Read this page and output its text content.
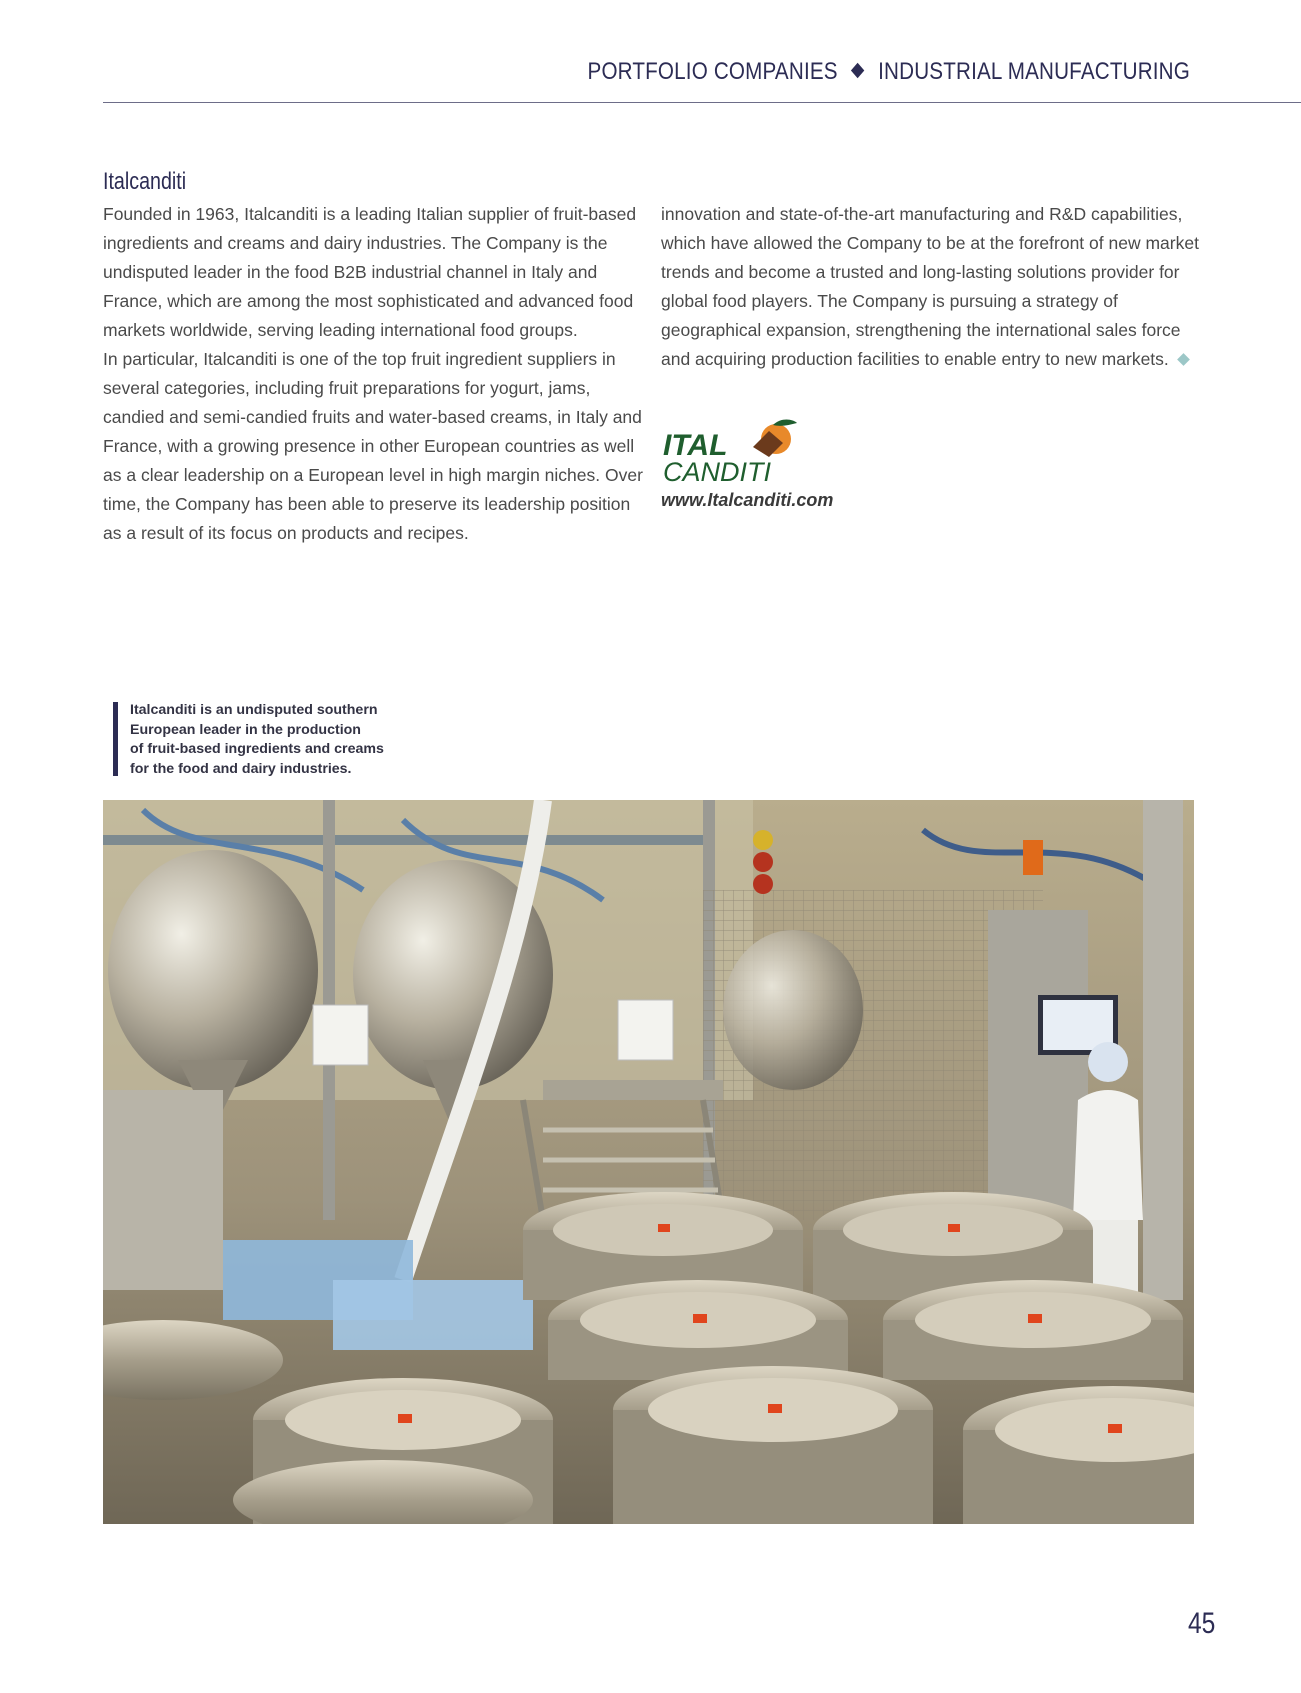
PORTFOLIO COMPANIES INDUSTRIAL MANUFACTURING
Italcanditi

Founded in 1963, Italcanditi is a leading Italian supplier of fruit-based ingredients and creams and dairy industries. The Company is the undisputed leader in the food B2B industrial channel in Italy and France, which are among the most sophisticated and advanced food markets worldwide, serving leading international food groups.

In particular, Italcanditi is one of the top fruit ingredient suppliers in several categories, including fruit preparations for yogurt, jams, candied and semi-candied fruits and water-based creams, in Italy and France, with a growing presence in other European countries as well as a clear leadership on a European level in high margin niches. Over time, the Company has been able to preserve its leadership position as a result of its focus on products and recipes.

innovation and state-of-the-art manufacturing and R&D capabilities, which have allowed the Company to be at the forefront of new market trends and become a trusted and long-lasting solutions provider for global food players. The Company is pursuing a strategy of geographical expansion, strengthening the international sales force and acquiring production facilities to enable entry to new markets.

ITAL
CANDITI
www.Italcanditi.com
Italcanditi is an undisputed southern
European leader in the production
of fruit-based ingredients and creams
for the food and dairy industries.
45
